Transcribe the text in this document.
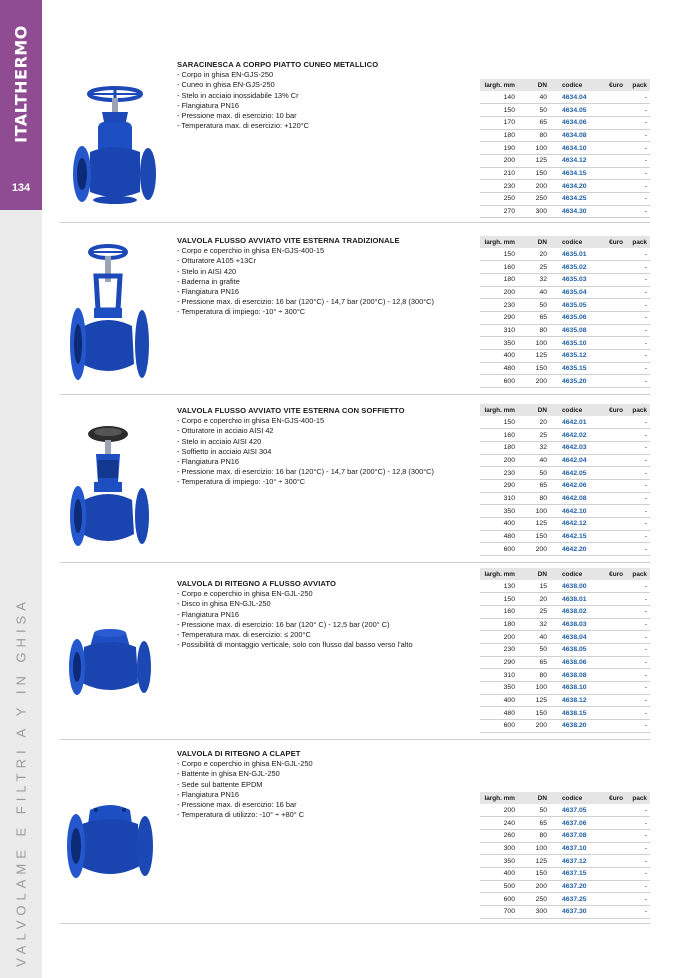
ITALTHERMO
134
VALVOLAME E FILTRI A Y IN GHISA
SARACINESCA A CORPO PIATTO CUNEO METALLICO
- Corpo in ghisa EN-GJS-250
- Cuneo in ghisa EN-GJS-250
- Stelo in acciaio inossidabile 13% Cr
- Flangiatura PN16
- Pressione max. di esercizio: 10 bar
- Temperatura max. di esercizio: +120°C
largh. mm	DN	codice	€uro	pack
140	40	4634.04		-
150	50	4634.05		-
170	65	4634.06		-
180	80	4634.08		-
190	100	4634.10		-
200	125	4634.12		-
210	150	4634.15		-
230	200	4634.20		-
250	250	4634.25		-
270	300	4634.30		-
VALVOLA FLUSSO AVVIATO VITE ESTERNA TRADIZIONALE
- Corpo e coperchio in ghisa EN-GJS-400-15
- Otturatore A105 +13Cr
- Stelo in AISI 420
- Baderna in grafite
- Flangiatura PN16
- Pressione max. di esercizio: 16 bar (120°C) - 14,7 bar (200°C) - 12,8 (300°C)
- Temperatura di impiego: -10° ÷ 300°C
largh. mm	DN	codice	€uro	pack
150	20	4635.01		-
160	25	4635.02		-
180	32	4635.03		-
200	40	4635.04		-
230	50	4635.05		-
290	65	4635.06		-
310	80	4635.08		-
350	100	4635.10		-
400	125	4635.12		-
480	150	4635.15		-
600	200	4635.20		-
VALVOLA FLUSSO AVVIATO VITE ESTERNA CON SOFFIETTO
- Corpo e coperchio in ghisa EN-GJS-400-15
- Otturatore in acciaio AISI 42
- Stelo in acciaio AISI 420
- Soffietto in acciaio AISI 304
- Flangiatura PN16
- Pressione max. di esercizio: 16 bar (120°C) - 14,7 bar (200°C) - 12,8 (300°C)
- Temperatura di impiego: -10° ÷ 300°C
largh. mm	DN	codice	€uro	pack
150	20	4642.01		-
160	25	4642.02		-
180	32	4642.03		-
200	40	4642.04		-
230	50	4642.05		-
290	65	4642.06		-
310	80	4642.08		-
350	100	4642.10		-
400	125	4642.12		-
480	150	4642.15		-
600	200	4642.20		-
VALVOLA DI RITEGNO A FLUSSO AVVIATO
- Corpo e coperchio in ghisa EN-GJL-250
- Disco in ghisa EN-GJL-250
- Flangiatura PN16
- Pressione max. di esercizio: 16 bar (120° C) - 12,5 bar (200° C)
- Temperatura max. di esercizio: ≤ 200°C
- Possibilità di montaggio verticale, solo con flusso dal basso verso l'alto
largh. mm	DN	codice	€uro	pack
130	15	4638.00		-
150	20	4638.01		-
160	25	4638.02		-
180	32	4638.03		-
200	40	4638.04		-
230	50	4638.05		-
290	65	4638.06		-
310	80	4638.08		-
350	100	4638.10		-
400	125	4638.12		-
480	150	4638.15		-
600	200	4638.20		-
VALVOLA DI RITEGNO A CLAPET
- Corpo e coperchio in ghisa EN-GJL-250
- Battente in ghisa EN-GJL-250
- Sede sul battente EPDM
- Flangiatura PN16
- Pressione max. di esercizio: 16 bar
- Temperatura di utilizzo: -10° ÷ +80° C
largh. mm	DN	codice	€uro	pack
200	50	4637.05		-
240	65	4637.06		-
260	80	4637.08		-
300	100	4637.10		-
350	125	4637.12		-
400	150	4637.15		-
500	200	4637.20		-
600	250	4637.25		-
700	300	4637.30		-
